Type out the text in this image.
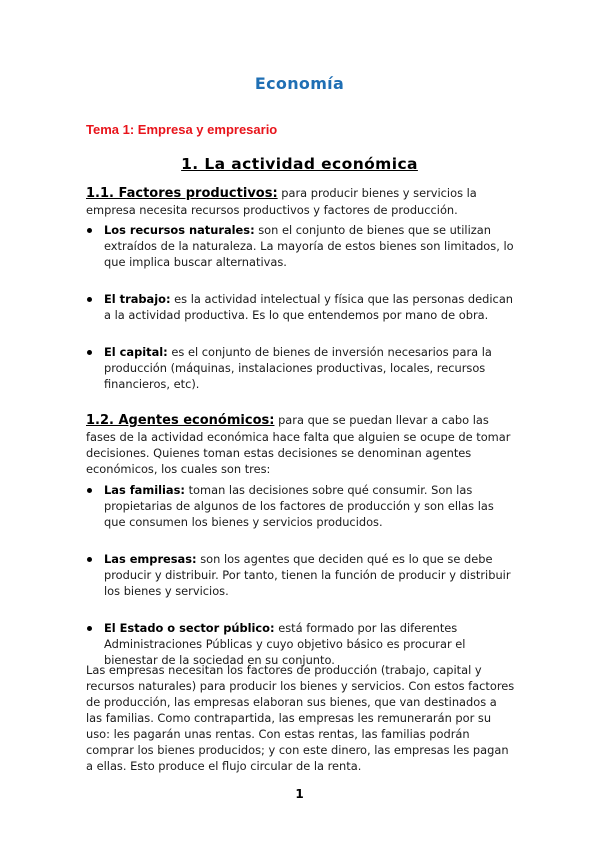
Economía
Tema 1: Empresa y empresario
1. La actividad económica
1.1. Factores productivos: para producir bienes y servicios la empresa necesita recursos productivos y factores de producción.
Los recursos naturales: son el conjunto de bienes que se utilizan extraídos de la naturaleza. La mayoría de estos bienes son limitados, lo que implica buscar alternativas.
El trabajo: es la actividad intelectual y física que las personas dedican a la actividad productiva. Es lo que entendemos por mano de obra.
El capital: es el conjunto de bienes de inversión necesarios para la producción (máquinas, instalaciones productivas, locales, recursos financieros, etc).
1.2. Agentes económicos: para que se puedan llevar a cabo las fases de la actividad económica hace falta que alguien se ocupe de tomar decisiones. Quienes toman estas decisiones se denominan agentes económicos, los cuales son tres:
Las familias: toman las decisiones sobre qué consumir. Son las propietarias de algunos de los factores de producción y son ellas las que consumen los bienes y servicios producidos.
Las empresas: son los agentes que deciden qué es lo que se debe producir y distribuir. Por tanto, tienen la función de producir y distribuir los bienes y servicios.
El Estado o sector público: está formado por las diferentes Administraciones Públicas y cuyo objetivo básico es procurar el bienestar de la sociedad en su conjunto.
Las empresas necesitan los factores de producción (trabajo, capital y recursos naturales) para producir los bienes y servicios. Con estos factores de producción, las empresas elaboran sus bienes, que van destinados a las familias. Como contrapartida, las empresas les remunerarán por su uso: les pagarán unas rentas. Con estas rentas, las familias podrán comprar los bienes producidos; y con este dinero, las empresas les pagan a ellas. Esto produce el flujo circular de la renta.
1
